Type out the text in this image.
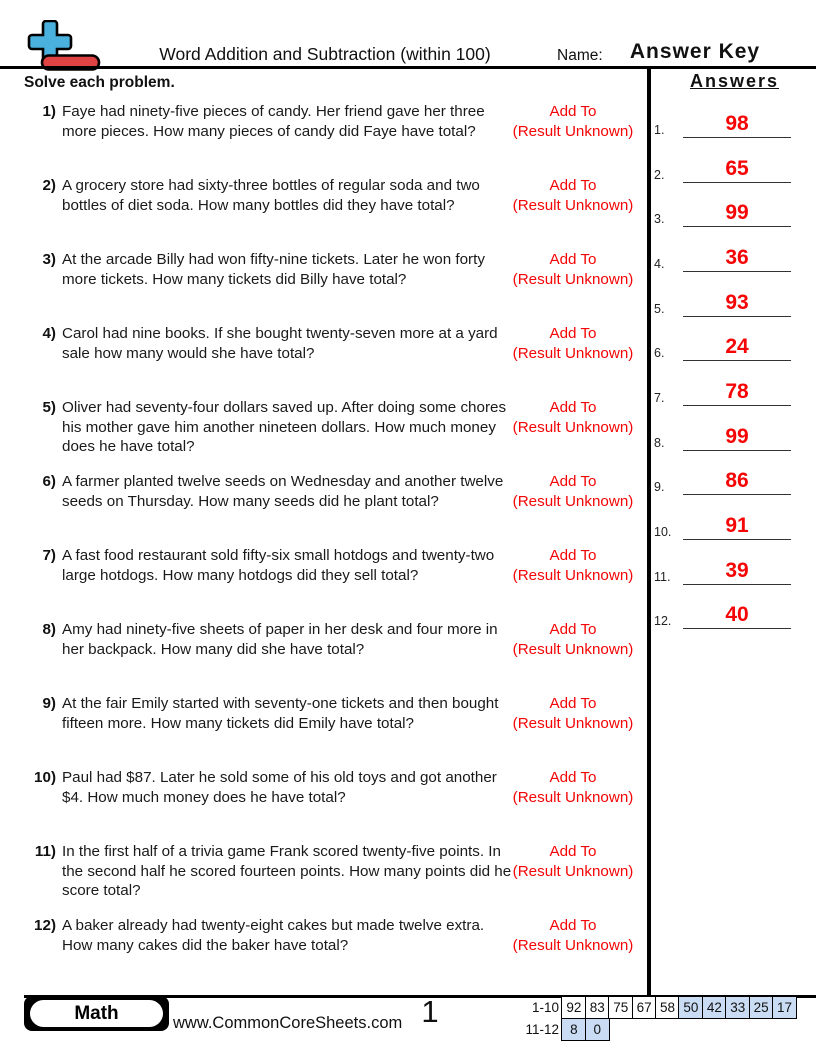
Word Addition and Subtraction (within 100)	Name:	Answer Key
Solve each problem.	Answers
1.	98
2.	65
3.	99
4.	36
5.	93
6.	24
7.	78
8.	99
9.	86
10.	91
11.	39
12.	40
1) Faye had ninety-five pieces of candy. Her friend gave her three more pieces. How many pieces of candy did Faye have total?
Add To
(Result Unknown)
2) A grocery store had sixty-three bottles of regular soda and two bottles of diet soda. How many bottles did they have total?
Add To
(Result Unknown)
3) At the arcade Billy had won fifty-nine tickets. Later he won forty more tickets. How many tickets did Billy have total?
Add To
(Result Unknown)
4) Carol had nine books. If she bought twenty-seven more at a yard sale how many would she have total?
Add To
(Result Unknown)
5) Oliver had seventy-four dollars saved up. After doing some chores his mother gave him another nineteen dollars. How much money does he have total?
Add To
(Result Unknown)
6) A farmer planted twelve seeds on Wednesday and another twelve seeds on Thursday. How many seeds did he plant total?
Add To
(Result Unknown)
7) A fast food restaurant sold fifty-six small hotdogs and twenty-two large hotdogs. How many hotdogs did they sell total?
Add To
(Result Unknown)
8) Amy had ninety-five sheets of paper in her desk and four more in her backpack. How many did she have total?
Add To
(Result Unknown)
9) At the fair Emily started with seventy-one tickets and then bought fifteen more. How many tickets did Emily have total?
Add To
(Result Unknown)
10) Paul had $87. Later he sold some of his old toys and got another $4. How much money does he have total?
Add To
(Result Unknown)
11) In the first half of a trivia game Frank scored twenty-five points. In the second half he scored fourteen points. How many points did he score total?
Add To
(Result Unknown)
12) A baker already had twenty-eight cakes but made twelve extra. How many cakes did the baker have total?
Add To
(Result Unknown)
Math	www.CommonCoreSheets.com 1	1-10 92 83 75 67 58 50 42 33 25 17
11-12 8	0
